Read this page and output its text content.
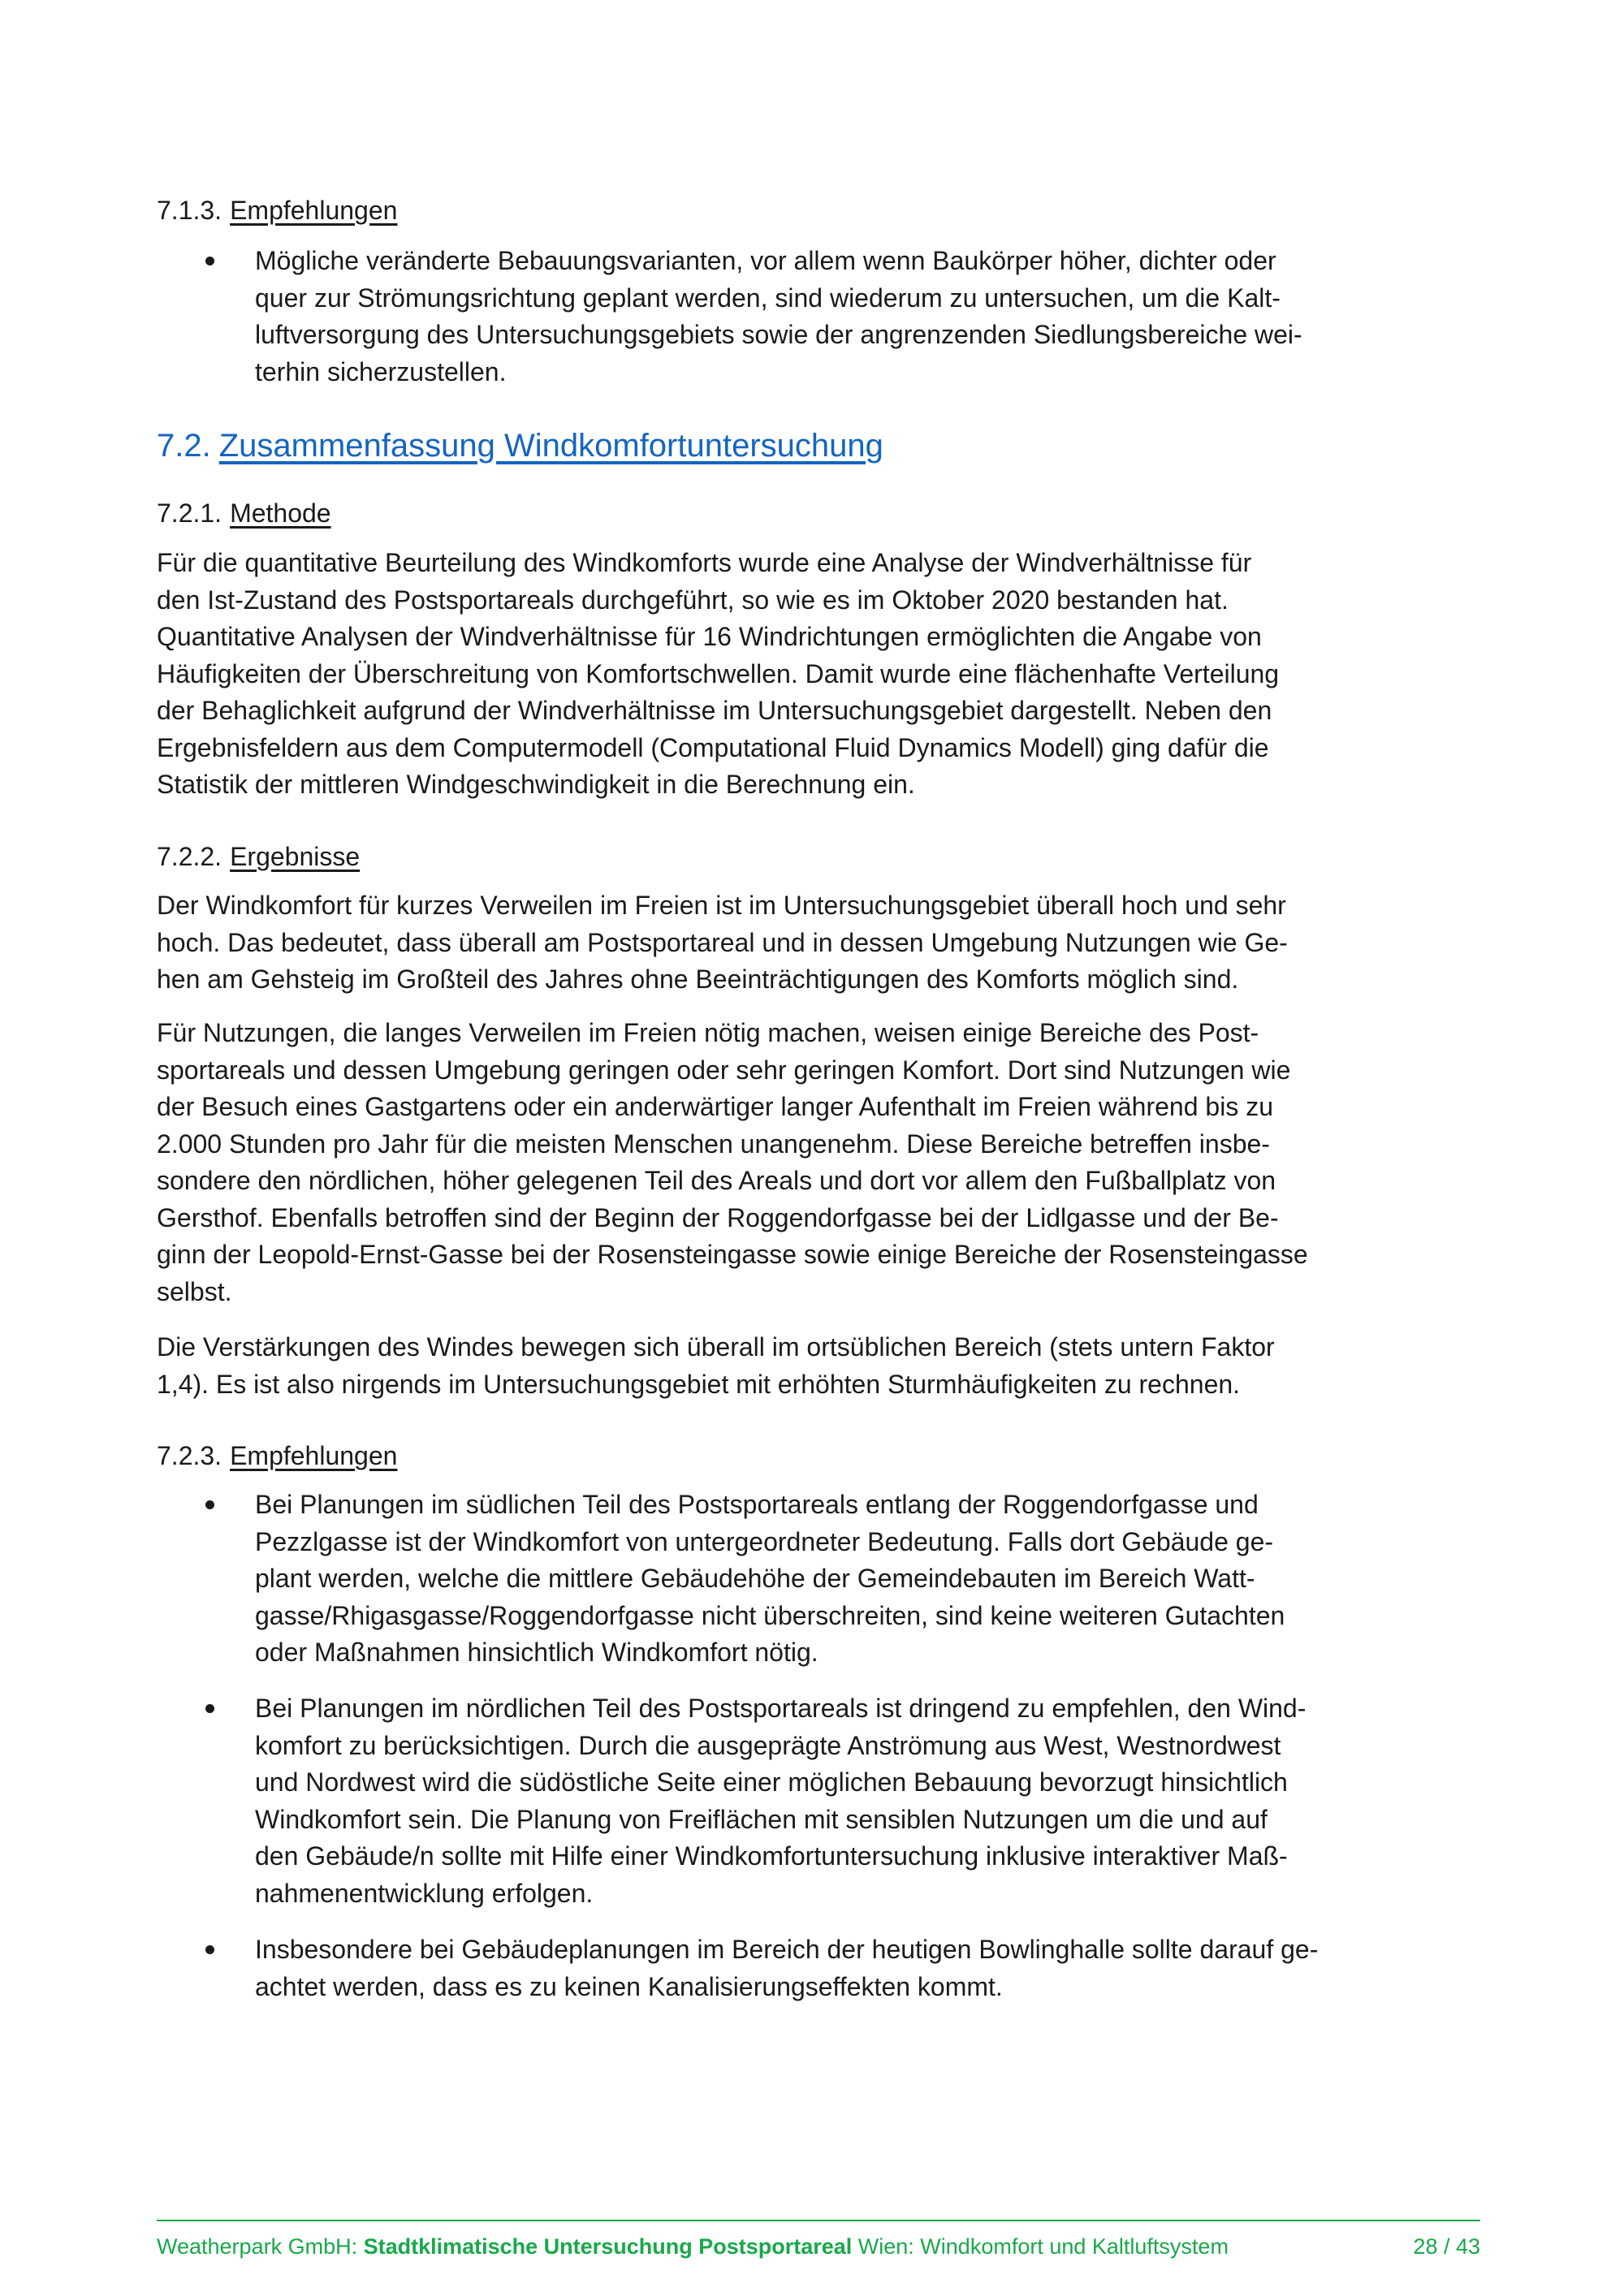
7.1.3. Empfehlungen
Mögliche veränderte Bebauungsvarianten, vor allem wenn Baukörper höher, dichter oder
quer zur Strömungsrichtung geplant werden, sind wiederum zu untersuchen, um die Kalt-
luftversorgung des Untersuchungsgebiets sowie der angrenzenden Siedlungsbereiche wei-
terhin sicherzustellen.
7.2. Zusammenfassung Windkomfortuntersuchung
7.2.1. Methode
Für die quantitative Beurteilung des Windkomforts wurde eine Analyse der Windverhältnisse für
den Ist-Zustand des Postsportareals durchgeführt, so wie es im Oktober 2020 bestanden hat.
Quantitative Analysen der Windverhältnisse für 16 Windrichtungen ermöglichten die Angabe von
Häufigkeiten der Überschreitung von Komfortschwellen. Damit wurde eine flächenhafte Verteilung
der Behaglichkeit aufgrund der Windverhältnisse im Untersuchungsgebiet dargestellt. Neben den
Ergebnisfeldern aus dem Computermodell (Computational Fluid Dynamics Modell) ging dafür die
Statistik der mittleren Windgeschwindigkeit in die Berechnung ein.
7.2.2. Ergebnisse
Der Windkomfort für kurzes Verweilen im Freien ist im Untersuchungsgebiet überall hoch und sehr
hoch. Das bedeutet, dass überall am Postsportareal und in dessen Umgebung Nutzungen wie Ge-
hen am Gehsteig im Großteil des Jahres ohne Beeinträchtigungen des Komforts möglich sind.
Für Nutzungen, die langes Verweilen im Freien nötig machen, weisen einige Bereiche des Post-
sportareals und dessen Umgebung geringen oder sehr geringen Komfort. Dort sind Nutzungen wie
der Besuch eines Gastgartens oder ein anderwärtiger langer Aufenthalt im Freien während bis zu
2.000 Stunden pro Jahr für die meisten Menschen unangenehm. Diese Bereiche betreffen insbe-
sondere den nördlichen, höher gelegenen Teil des Areals und dort vor allem den Fußballplatz von
Gersthof. Ebenfalls betroffen sind der Beginn der Roggendorfgasse bei der Lidlgasse und der Be-
ginn der Leopold-Ernst-Gasse bei der Rosensteingasse sowie einige Bereiche der Rosensteingasse
selbst.
Die Verstärkungen des Windes bewegen sich überall im ortsüblichen Bereich (stets untern Faktor
1,4). Es ist also nirgends im Untersuchungsgebiet mit erhöhten Sturmhäufigkeiten zu rechnen.
7.2.3. Empfehlungen
Bei Planungen im südlichen Teil des Postsportareals entlang der Roggendorfgasse und
Pezzlgasse ist der Windkomfort von untergeordneter Bedeutung. Falls dort Gebäude ge-
plant werden, welche die mittlere Gebäudehöhe der Gemeindebauten im Bereich Watt-
gasse/Rhigasgasse/Roggendorfgasse nicht überschreiten, sind keine weiteren Gutachten
oder Maßnahmen hinsichtlich Windkomfort nötig.
Bei Planungen im nördlichen Teil des Postsportareals ist dringend zu empfehlen, den Wind-
komfort zu berücksichtigen. Durch die ausgeprägte Anströmung aus West, Westnordwest
und Nordwest wird die südöstliche Seite einer möglichen Bebauung bevorzugt hinsichtlich
Windkomfort sein. Die Planung von Freiflächen mit sensiblen Nutzungen um die und auf
den Gebäude/n sollte mit Hilfe einer Windkomfortuntersuchung inklusive interaktiver Maß-
nahmenentwicklung erfolgen.
Insbesondere bei Gebäudeplanungen im Bereich der heutigen Bowlinghalle sollte darauf ge-
achtet werden, dass es zu keinen Kanalisierungseffekten kommt.
Weatherpark GmbH: Stadtklimatische Untersuchung Postsportareal Wien: Windkomfort und Kaltluftsystem	28 / 43
